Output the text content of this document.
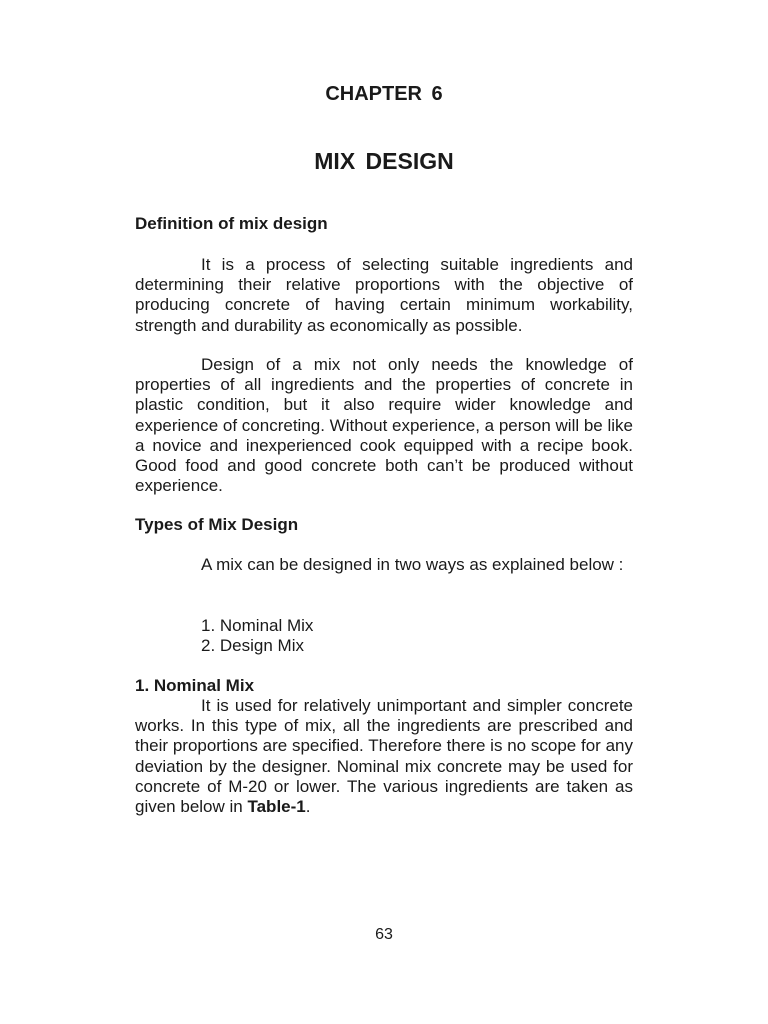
CHAPTER 6
MIX DESIGN
Definition of mix design

It is a process of selecting suitable ingredients and determining their relative proportions with the objective of producing concrete of having certain minimum workability, strength and durability as economically as possible.

Design of a mix not only needs the knowledge of properties of all ingredients and the properties of concrete in plastic condition, but it also require wider knowledge and experience of concreting. Without experience, a person will be like a novice and inexperienced cook equipped with a recipe book. Good food and good concrete both can’t be produced without experience.

Types of Mix Design

A mix can be designed in two ways as explained below :

1. Nominal Mix
2. Design Mix
1. Nominal Mix

It is used for relatively unimportant and simpler concrete works. In this type of mix, all the ingredients are prescribed and their proportions are specified. Therefore there is no scope for any deviation by the designer. Nominal mix concrete may be used for concrete of M-20 or lower. The various ingredients are taken as given below in Table-1.

63
